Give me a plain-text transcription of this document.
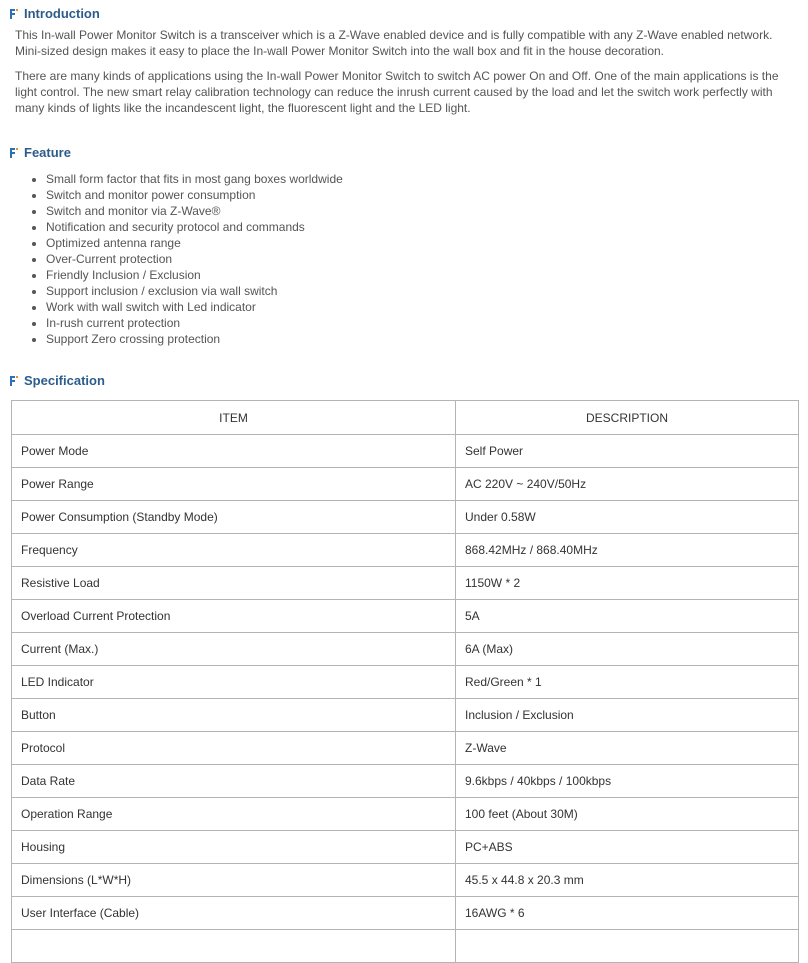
Introduction

This In-wall Power Monitor Switch is a transceiver which is a Z-Wave enabled device and is fully compatible with any Z-Wave enabled network. Mini-sized design makes it easy to place the In-wall Power Monitor Switch into the wall box and fit in the house decoration.

There are many kinds of applications using the In-wall Power Monitor Switch to switch AC power On and Off. One of the main applications is the light control. The new smart relay calibration technology can reduce the inrush current caused by the load and let the switch work perfectly with many kinds of lights like the incandescent light, the fluorescent light and the LED light.

Feature
• Small form factor that fits in most gang boxes worldwide
• Switch and monitor power consumption
• Switch and monitor via Z-Wave®
• Notification and security protocol and commands
• Optimized antenna range
• Over-Current protection
• Friendly Inclusion / Exclusion
• Support inclusion / exclusion via wall switch
• Work with wall switch with Led indicator
• In-rush current protection
• Support Zero crossing protection
Specification
ITEM	DESCRIPTION
Power Mode	Self Power
Power Range	AC 220V ~ 240V/50Hz
Power Consumption (Standby Mode)	Under 0.58W
Frequency	868.42MHz / 868.40MHz
Resistive Load	1150W * 2
Overload Current Protection	5A
Current (Max.)	6A (Max)
LED Indicator	Red/Green * 1
Button	Inclusion / Exclusion
Protocol	Z-Wave
Data Rate	9.6kbps / 40kbps / 100kbps
Operation Range	100 feet (About 30M)
Housing	PC+ABS
Dimensions (L*W*H)	45.5 x 44.8 x 20.3 mm
User Interface (Cable)	16AWG * 6
